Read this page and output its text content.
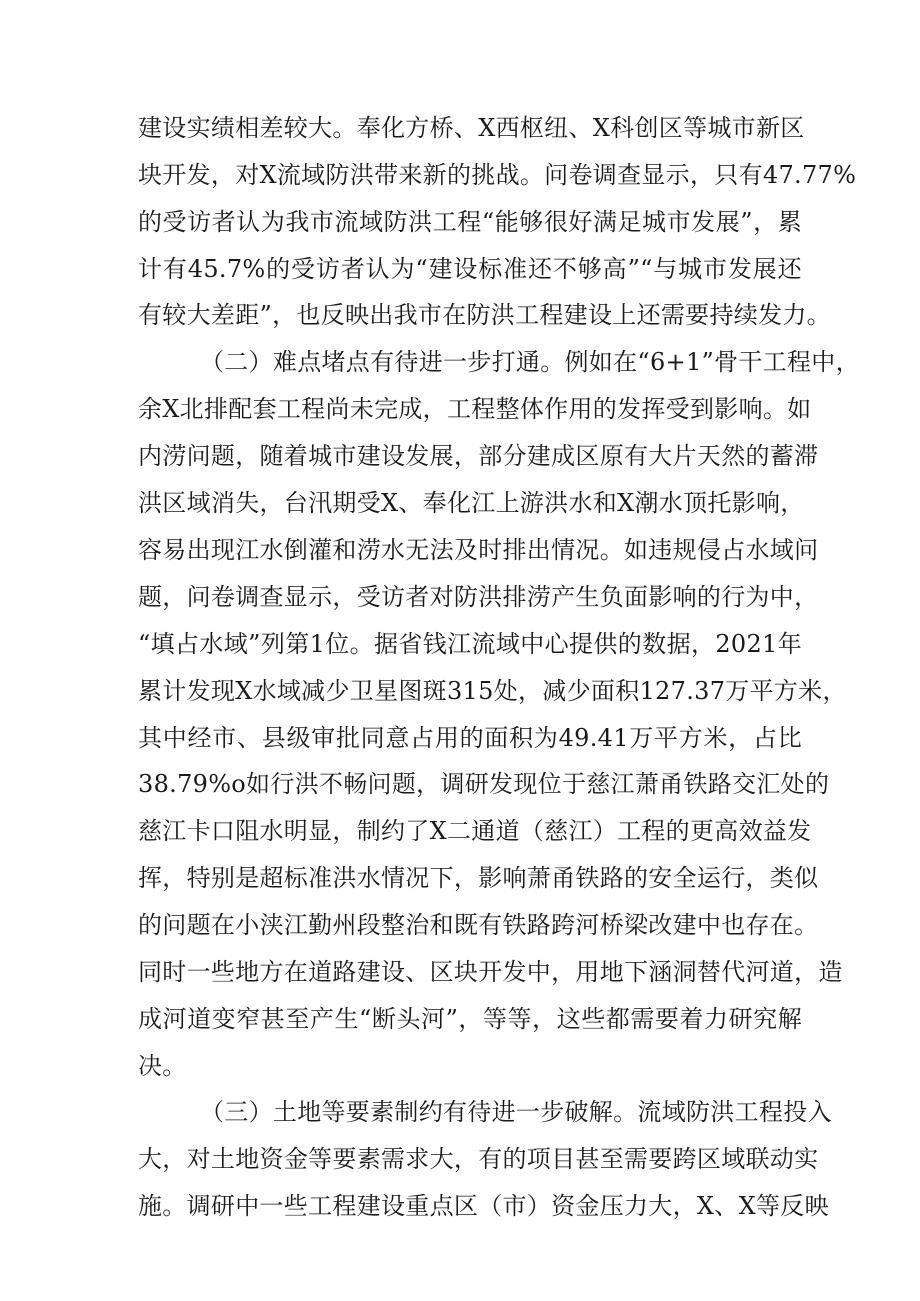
建设实绩相差较大。奉化方桥、X西枢纽、X科创区等城市新区
块开发，对X流域防洪带来新的挑战。问卷调查显示，只有47.77%
的受访者认为我市流域防洪工程“能够很好满足城市发展”，累
计有45.7%的受访者认为“建设标准还不够高”“与城市发展还
有较大差距”，也反映出我市在防洪工程建设上还需要持续发力。
（二）难点堵点有待进一步打通。例如在“6+1”骨干工程中，
余X北排配套工程尚未完成，工程整体作用的发挥受到影响。如
内涝问题，随着城市建设发展，部分建成区原有大片天然的蓄滞
洪区域消失，台汛期受X、奉化江上游洪水和X潮水顶托影响，
容易出现江水倒灌和涝水无法及时排出情况。如违规侵占水域问
题，问卷调查显示，受访者对防洪排涝产生负面影响的行为中，
“填占水域”列第1位。据省钱江流域中心提供的数据，2021年
累计发现X水域减少卫星图斑315处，减少面积127.37万平方米，
其中经市、县级审批同意占用的面积为49.41万平方米，占比
38.79%o如行洪不畅问题，调研发现位于慈江萧甬铁路交汇处的
慈江卡口阻水明显，制约了X二通道（慈江）工程的更高效益发
挥，特别是超标准洪水情况下，影响萧甬铁路的安全运行，类似
的问题在小浃江勤州段整治和既有铁路跨河桥梁改建中也存在。
同时一些地方在道路建设、区块开发中，用地下涵洞替代河道，造
成河道变窄甚至产生“断头河”，等等，这些都需要着力研究解
决。
（三）土地等要素制约有待进一步破解。流域防洪工程投入
大，对土地资金等要素需求大，有的项目甚至需要跨区域联动实
施。调研中一些工程建设重点区（市）资金压力大，X、X等反映
